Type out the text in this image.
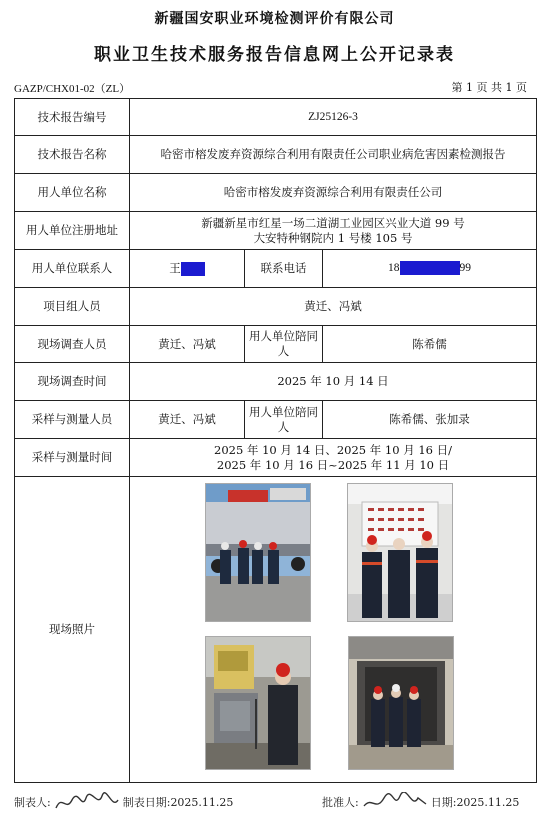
新疆国安职业环境检测评价有限公司
职业卫生技术服务报告信息网上公开记录表
GAZP/CHX01-02（ZL）	第 1 页 共 1 页
技术报告编号	ZJ25126-3		
技术报告名称	哈密市榕发废弃资源综合利用有限责任公司职业病危害因素检测报告		
用人单位名称	哈密市榕发废弃资源综合利用有限责任公司		
用人单位注册地址	新疆新星市红星一场二道湖工业园区兴业大道 99 号
大安特种钢院内 1 号楼 105 号		

用人单位联系人	王	联系电话	18 99
项目组人员	黄迁、冯斌		
现场调查人员	黄迁、冯斌	用人单位陪同人	陈希儒
现场调查时间	2025 年 10 月 14 日		
采样与测量人员	黄迁、冯斌	用人单位陪同人	陈希儒、张加录
采样与测量时间	2025 年 10 月 14 日、2025 年 10 月 16 日/
2025 年 10 月 16 日~2025 年 11 月 10 日		

现场照片	
制表人:	制表日期:2025.11.25	批准人:	日期:2025.11.25
